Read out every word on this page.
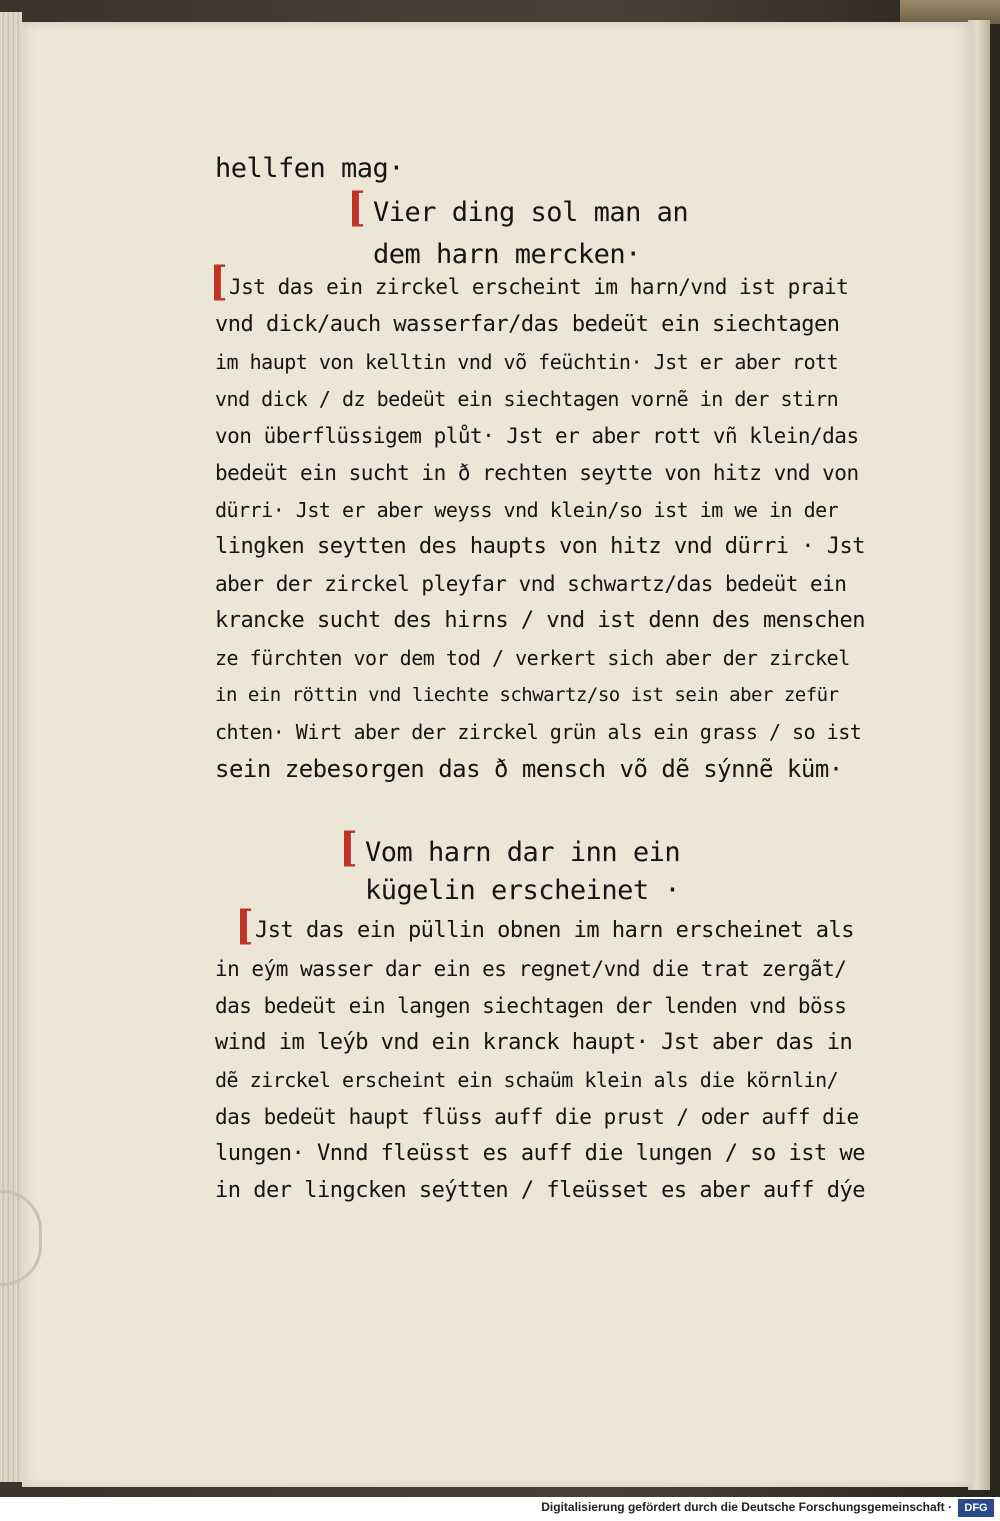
hellfen mag·
[ Vier ding sol man an
dem harn mercken·
[ Jst das ein zirckel erscheint im harn/vnd ist prait
vnd dick/auch wasserfar/das bedeüt ein siechtagen
im haupt von kelltin vnd võ feüchtin· Jst er aber rott
vnd dick / dz bedeüt ein siechtagen vornẽ in der stirn
von überflüssigem plůt· Jst er aber rott vñ klein/das
bedeüt ein sucht in ð rechten seytte von hitz vnd von
dürri· Jst er aber weyss vnd klein/so ist im we in der
lingken seytten des haupts von hitz vnd dürri · Jst
aber der zirckel pleyfar vnd schwartz/das bedeüt ein
krancke sucht des hirns / vnd ist denn des menschen
ze fürchten vor dem tod / verkert sich aber der zirckel
in ein röttin vnd liechte schwartz/so ist sein aber zefür
chten· Wirt aber der zirckel grün als ein grass / so ist
sein zebesorgen das ð mensch võ dẽ sýnnẽ küm·
[ Vom harn dar inn ein
kügelin erscheinet ·
[ Jst das ein püllin obnen im harn erscheinet als
in eým wasser dar ein es regnet/vnd die trat zergãt/
das bedeüt ein langen siechtagen der lenden vnd böss
wind im leýb vnd ein kranck haupt· Jst aber das in
dẽ zirckel erscheint ein schaüm klein als die körnlin/
das bedeüt haupt flüss auff die prust / oder auff die
lungen· Vnnd fleüsst es auff die lungen / so ist we
in der lingcken seýtten / fleüsset es aber auff dýe
Digitalisierung gefördert durch die Deutsche Forschungsgemeinschaft ·	DFG
